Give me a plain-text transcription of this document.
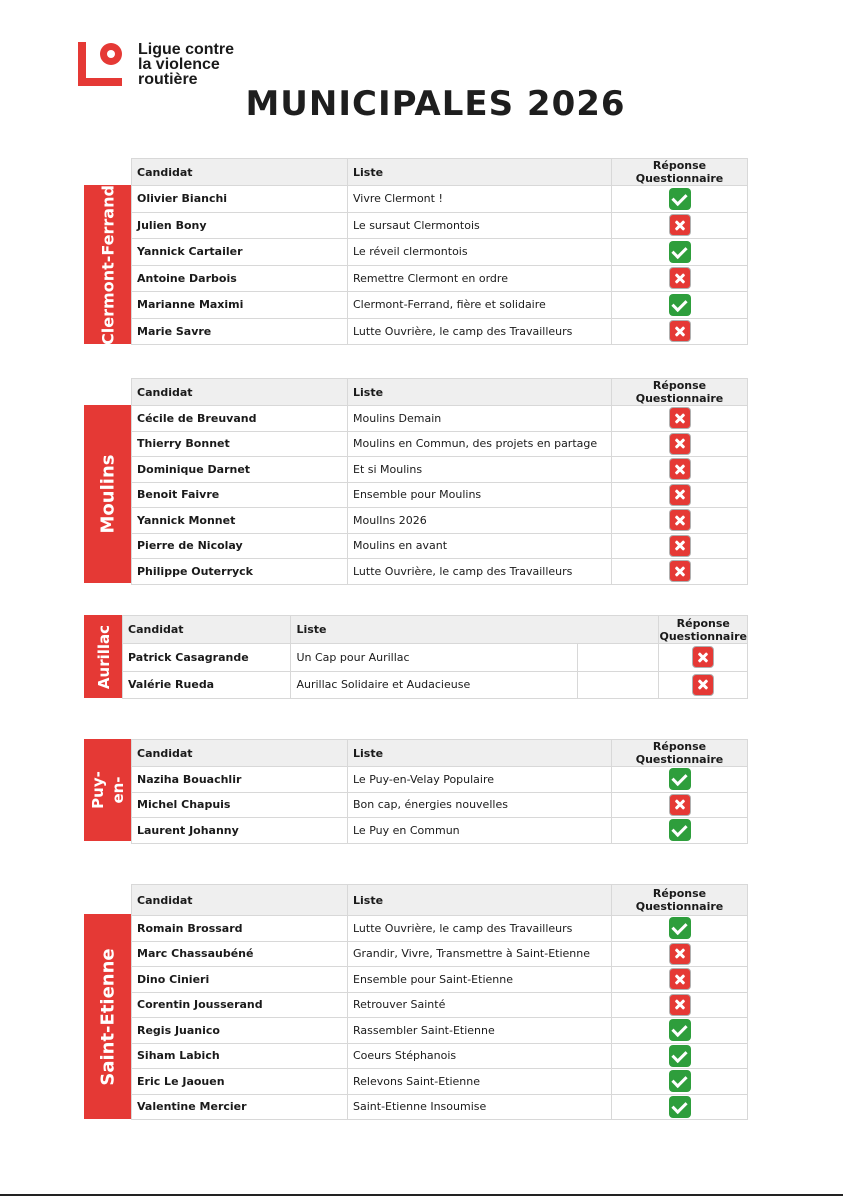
Ligue contre
la violence
routière
MUNICIPALES 2026
Clermont-Ferrand
Candidat	Liste	Réponse Questionnaire
Olivier Bianchi	Vivre Clermont !	
Julien Bony	Le sursaut Clermontois	
Yannick Cartailer	Le réveil clermontois	
Antoine Darbois	Remettre Clermont en ordre	
Marianne Maximi	Clermont-Ferrand, fière et solidaire	
Marie Savre	Lutte Ouvrière, le camp des Travailleurs	
Moulins
Candidat	Liste	Réponse Questionnaire
Cécile de Breuvand	Moulins Demain	
Thierry Bonnet	Moulins en Commun, des projets en partage	
Dominique Darnet	Et si Moulins	
Benoit Faivre	Ensemble pour Moulins	
Yannick Monnet	MoulIns 2026	
Pierre de Nicolay	Moulins en avant	
Philippe Outerryck	Lutte Ouvrière, le camp des Travailleurs	
Aurillac Candidat	Liste		Réponse Questionnaire
Patrick Casagrande	Un Cap pour Aurillac		
Valérie Rueda	Aurillac Solidaire et Audacieuse		
Le Puy- en-Velay
Candidat	Liste	Réponse Questionnaire
Naziha Bouachlir	Le Puy-en-Velay Populaire	
Michel Chapuis	Bon cap, énergies nouvelles	
Laurent Johanny	Le Puy en Commun	
Saint-Etienne
Candidat	Liste	Réponse Questionnaire
Romain Brossard	Lutte Ouvrière, le camp des Travailleurs	
Marc Chassaubéné	Grandir, Vivre, Transmettre à Saint-Etienne	
Dino Cinieri	Ensemble pour Saint-Etienne	
Corentin Jousserand	Retrouver Sainté	
Regis Juanico	Rassembler Saint-Etienne	
Siham Labich	Coeurs Stéphanois	
Eric Le Jaouen	Relevons Saint-Etienne	
Valentine Mercier	Saint-Etienne Insoumise	
